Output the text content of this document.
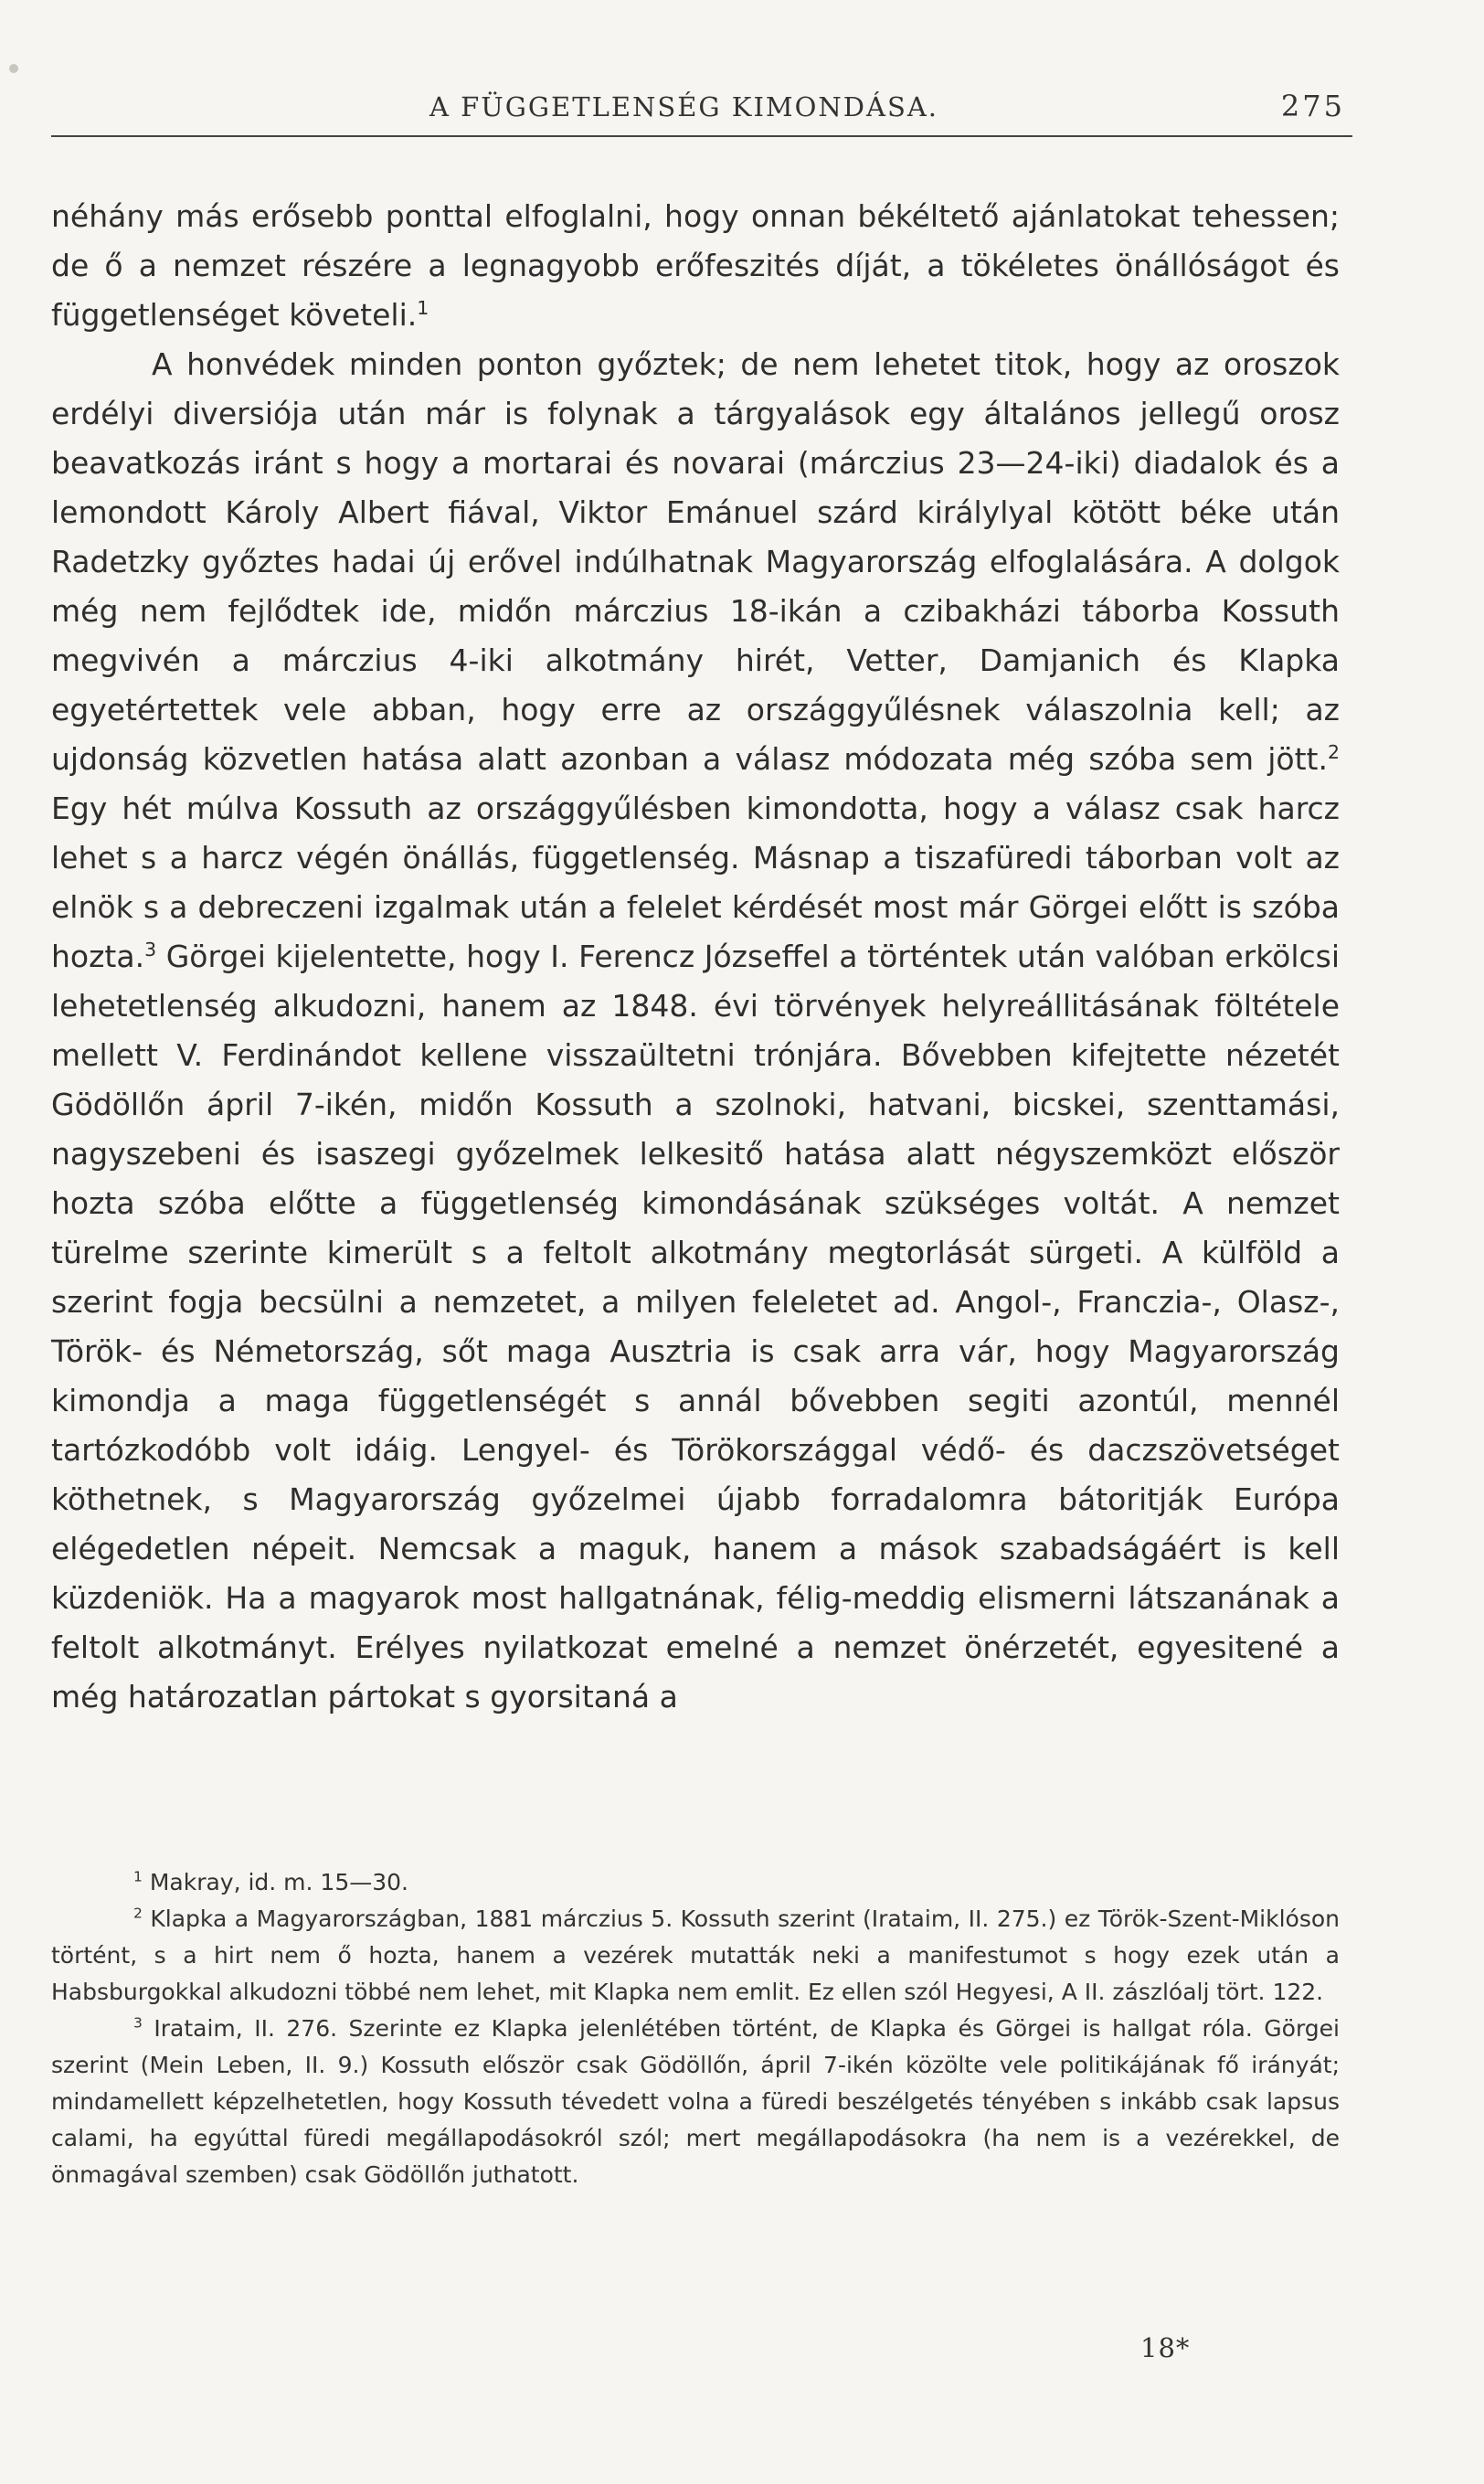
A FÜGGETLENSÉG KIMONDÁSA.	275

néhány más erősebb ponttal elfoglalni, hogy onnan békéltető ajánlatokat tehessen; de ő a nemzet részére a legnagyobb erőfeszités díját, a tökéletes önállóságot és függetlenséget követeli.$^1$

A honvédek minden ponton győztek; de nem lehetet titok, hogy az oroszok erdélyi diversiója után már is folynak a tárgyalások egy általános jellegű orosz beavatkozás iránt s hogy a mortarai és novarai (márczius 23—24-iki) diadalok és a lemondott Károly Albert fiával, Viktor Emánuel szárd királylyal kötött béke után Radetzky győztes hadai új erővel indúlhatnak Magyarország elfoglalására. A dolgok még nem fejlődtek ide, midőn márczius 18-ikán a czibakházi táborba Kossuth megvivén a márczius 4-iki alkotmány hirét, Vetter, Damjanich és Klapka egyetértettek vele abban, hogy erre az országgyűlésnek válaszolnia kell; az ujdonság közvetlen hatása alatt azonban a válasz módozata még szóba sem jött.$^2$ Egy hét múlva Kossuth az országgyűlésben kimondotta, hogy a válasz csak harcz lehet s a harcz végén önállás, függetlenség. Másnap a tiszafüredi táborban volt az elnök s a debreczeni izgalmak után a felelet kérdését most már Görgei előtt is szóba hozta.$^3$ Görgei kijelentette, hogy I. Ferencz Józseffel a történtek után valóban erkölcsi lehetetlenség alkudozni, hanem az 1848. évi törvények helyreállitásának föltétele mellett V. Ferdinándot kellene visszaültetni trónjára. Bővebben kifejtette nézetét Gödöllőn ápril 7-ikén, midőn Kossuth a szolnoki, hatvani, bicskei, szenttamási, nagyszebeni és isaszegi győzelmek lelkesitő hatása alatt négyszemközt először hozta szóba előtte a függetlenség kimondásának szükséges voltát. A nemzet türelme szerinte kimerült s a feltolt alkotmány megtorlását sürgeti. A külföld a szerint fogja becsülni a nemzetet, a milyen feleletet ad. Angol-, Franczia-, Olasz-, Török- és Németország, sőt maga Ausztria is csak arra vár, hogy Magyarország kimondja a maga függetlenségét s annál bővebben segiti azontúl, mennél tartózkodóbb volt idáig. Lengyel- és Törökországgal védő- és daczszövetséget köthetnek, s Magyarország győzelmei újabb forradalomra bátoritják Európa elégedetlen népeit. Nemcsak a maguk, hanem a mások szabadságáért is kell küzdeniök. Ha a magyarok most hallgatnának, félig-meddig elismerni látszanának a feltolt alkotmányt. Erélyes nyilatkozat emelné a nemzet önérzetét, egyesitené a még határozatlan pártokat s gyorsitaná a

$^1$ Makray, id. m. 15—30.

$^2$ Klapka a Magyarországban, 1881 márczius 5. Kossuth szerint (Irataim, II. 275.) ez Török-Szent-Miklóson történt, s a hirt nem ő hozta, hanem a vezérek mutatták neki a manifestumot s hogy ezek után a Habsburgokkal alkudozni többé nem lehet, mit Klapka nem emlit. Ez ellen szól Hegyesi, A II. zászlóalj tört. 122.

$^3$ Irataim, II. 276. Szerinte ez Klapka jelenlétében történt, de Klapka és Görgei is hallgat róla. Görgei szerint (Mein Leben, II. 9.) Kossuth először csak Gödöllőn, ápril 7-ikén közölte vele politikájának fő irányát; mindamellett képzelhetetlen, hogy Kossuth tévedett volna a füredi beszélgetés tényében s inkább csak lapsus calami, ha egyúttal füredi megállapodásokról szól; mert megállapodásokra (ha nem is a vezérekkel, de önmagával szemben) csak Gödöllőn juthatott.

18*
